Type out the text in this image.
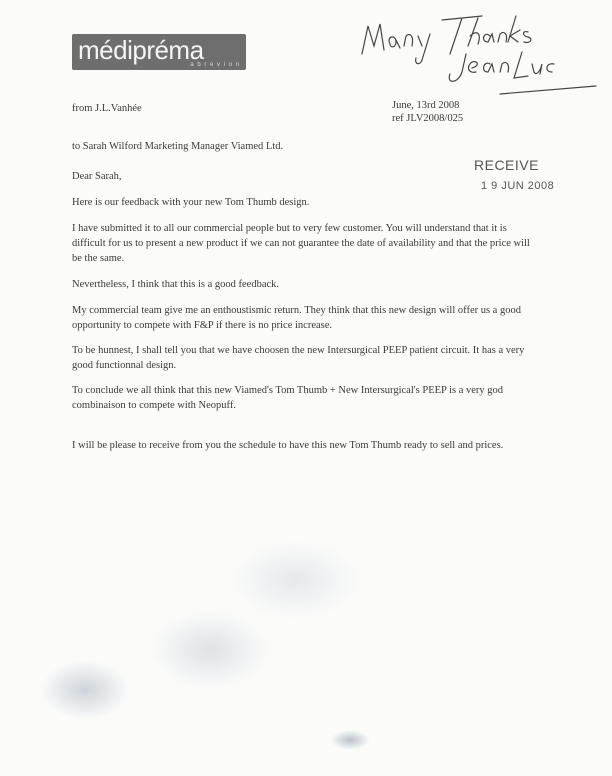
médipréma
a b r e v i o n
from J.L.Vanhée	June, 13rd 2008
ref JLV2008/025
RECEIVE
1 9 JUN 2008
to Sarah Wilford Marketing Manager Viamed Ltd.
Dear Sarah,
Here is our feedback with your new Tom Thumb design.
I have submitted it to all our commercial people but to very few customer. You will understand that it is difficult for us to present a new product if we can not guarantee the date of availability and that the price will be the same.
Nevertheless, I think that this is a good feedback.
My commercial team give me an enthoustismic return. They think that this new design will offer us a good opportunity to compete with F&P if there is no price increase.
To be hunnest, I shall tell you that we have choosen the new Intersurgical PEEP patient circuit. It has a very good functionnal design.
To conclude we all think that this new Viamed's Tom Thumb + New Intersurgical's PEEP is a very god combinaison to compete with Neopuff.
I will be please to receive from you the schedule to have this new Tom Thumb ready to sell and prices.
